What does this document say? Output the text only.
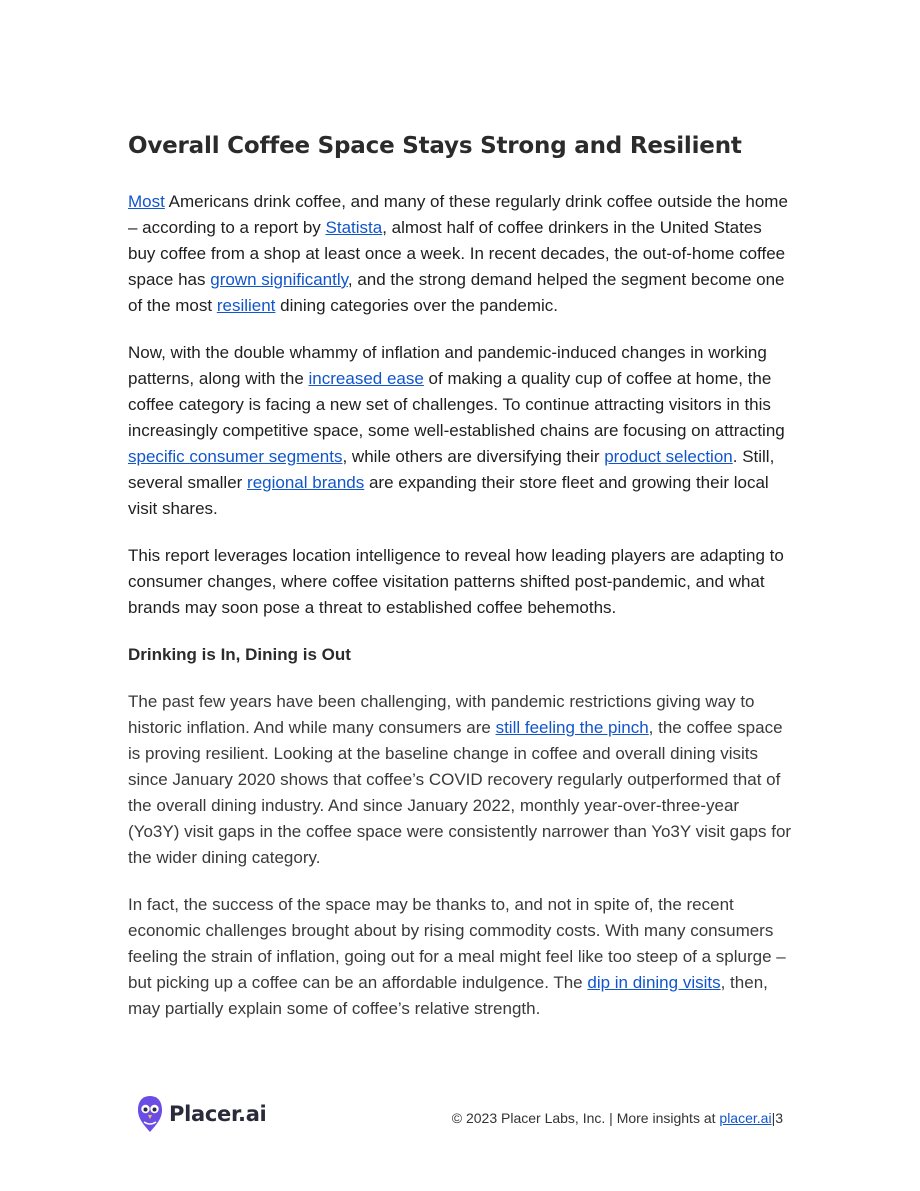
Overall Coffee Space Stays Strong and Resilient

Most Americans drink coffee, and many of these regularly drink coffee outside the home – according to a report by Statista, almost half of coffee drinkers in the United States buy coffee from a shop at least once a week. In recent decades, the out-of-home coffee space has grown significantly, and the strong demand helped the segment become one of the most resilient dining categories over the pandemic.

Now, with the double whammy of inflation and pandemic-induced changes in working patterns, along with the increased ease of making a quality cup of coffee at home, the coffee category is facing a new set of challenges. To continue attracting visitors in this increasingly competitive space, some well-established chains are focusing on attracting specific consumer segments, while others are diversifying their product selection. Still, several smaller regional brands are expanding their store fleet and growing their local visit shares.

This report leverages location intelligence to reveal how leading players are adapting to consumer changes, where coffee visitation patterns shifted post-pandemic, and what brands may soon pose a threat to established coffee behemoths.

Drinking is In, Dining is Out

The past few years have been challenging, with pandemic restrictions giving way to historic inflation. And while many consumers are still feeling the pinch, the coffee space is proving resilient. Looking at the baseline change in coffee and overall dining visits since January 2020 shows that coffee’s COVID recovery regularly outperformed that of the overall dining industry. And since January 2022, monthly year-over-three-year (Yo3Y) visit gaps in the coffee space were consistently narrower than Yo3Y visit gaps for the wider dining category.

In fact, the success of the space may be thanks to, and not in spite of, the recent economic challenges brought about by rising commodity costs. With many consumers feeling the strain of inflation, going out for a meal might feel like too steep of a splurge – but picking up a coffee can be an affordable indulgence. The dip in dining visits, then, may partially explain some of coffee’s relative strength.

Placer.ai	© 2023 Placer Labs, Inc. | More insights at placer.ai|3
